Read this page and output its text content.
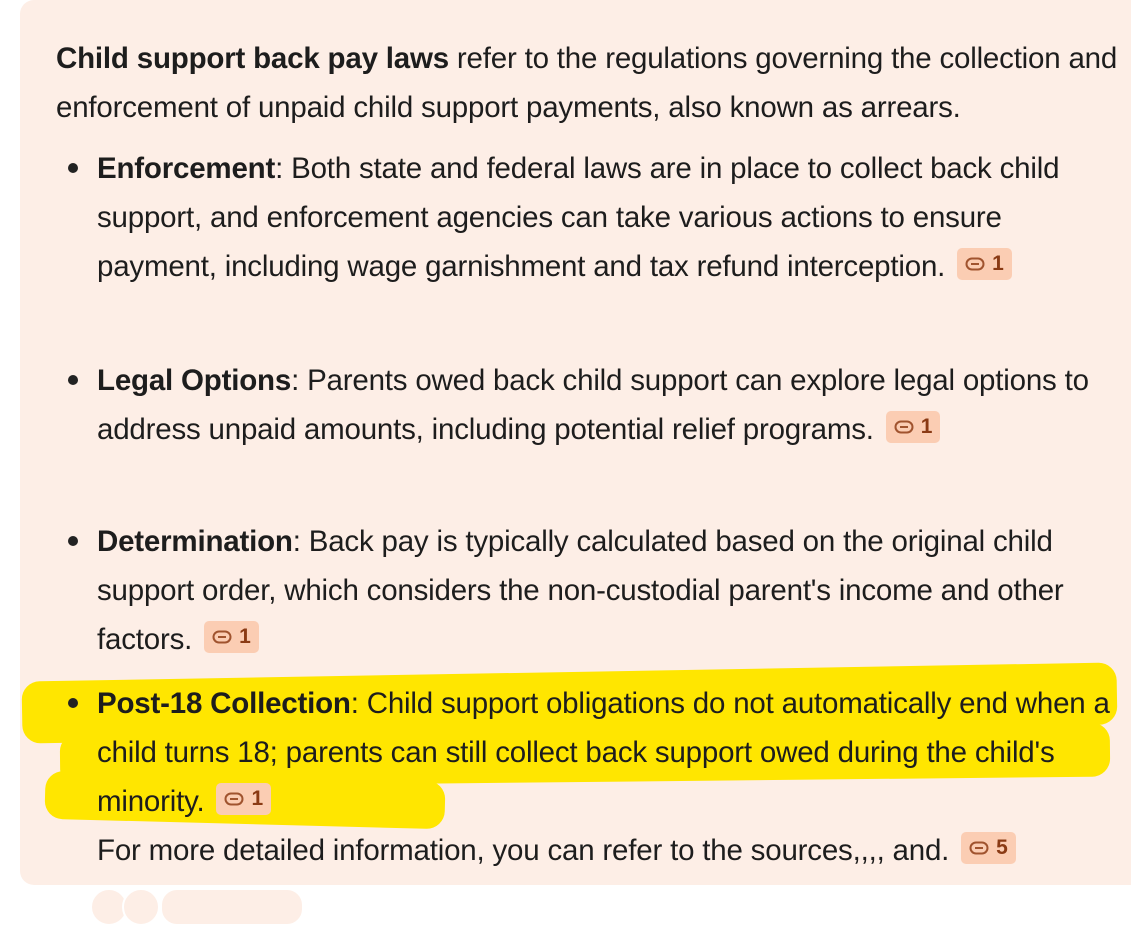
Child support back pay laws refer to the regulations governing the collection and enforcement of unpaid child support payments, also known as arrears.
Enforcement: Both state and federal laws are in place to collect back child support, and enforcement agencies can take various actions to ensure payment, including wage garnishment and tax refund interception. 1
Legal Options: Parents owed back child support can explore legal options to address unpaid amounts, including potential relief programs. 1
Determination: Back pay is typically calculated based on the original child support order, which considers the non-custodial parent's income and other factors. 1
Post-18 Collection: Child support obligations do not automatically end when a child turns 18; parents can still collect back support owed during the child's minority. 1
For more detailed information, you can refer to the sources,,,, and. 5
